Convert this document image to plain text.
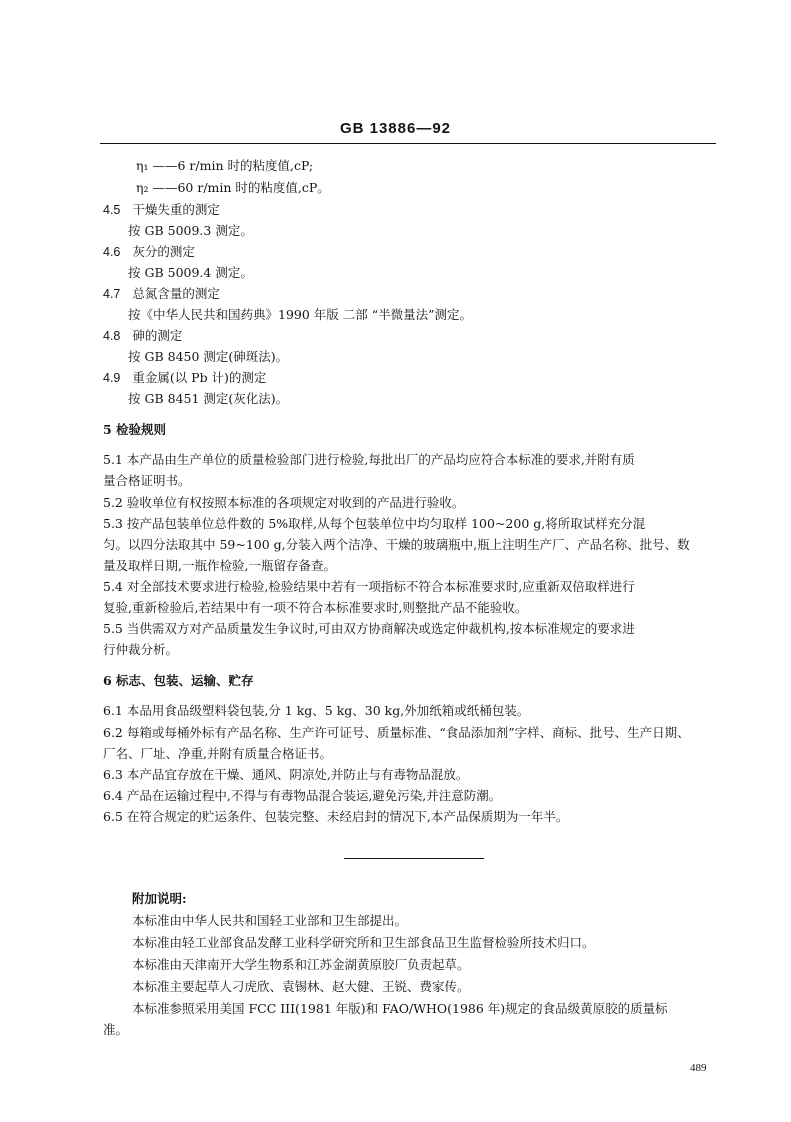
GB 13886—92
η₁ ——6 r/min 时的粘度值,cP;
η₂ ——60 r/min 时的粘度值,cP。
4.5 干燥失重的测定
按 GB 5009.3 测定。
4.6 灰分的测定
按 GB 5009.4 测定。
4.7 总氮含量的测定
按《中华人民共和国药典》1990 年版 二部 “半微量法”测定。
4.8 砷的测定
按 GB 8450 测定(砷斑法)。
4.9 重金属(以 Pb 计)的测定
按 GB 8451 测定(灰化法)。
5 检验规则
5.1 本产品由生产单位的质量检验部门进行检验,每批出厂的产品均应符合本标准的要求,并附有质
量合格证明书。
5.2 验收单位有权按照本标准的各项规定对收到的产品进行验收。
5.3 按产品包装单位总件数的 5%取样,从每个包装单位中均匀取样 100~200 g,将所取试样充分混
匀。以四分法取其中 59~100 g,分装入两个洁净、干燥的玻璃瓶中,瓶上注明生产厂、产品名称、批号、数
量及取样日期,一瓶作检验,一瓶留存备查。
5.4 对全部技术要求进行检验,检验结果中若有一项指标不符合本标准要求时,应重新双倍取样进行
复验,重新检验后,若结果中有一项不符合本标准要求时,则整批产品不能验收。
5.5 当供需双方对产品质量发生争议时,可由双方协商解决或选定仲裁机构,按本标准规定的要求进
行仲裁分析。
6 标志、包装、运输、贮存
6.1 本品用食品级塑料袋包装,分 1 kg、5 kg、30 kg,外加纸箱或纸桶包装。
6.2 每箱或每桶外标有产品名称、生产许可证号、质量标准、“食品添加剂”字样、商标、批号、生产日期、
厂名、厂址、净重,并附有质量合格证书。
6.3 本产品宜存放在干燥、通风、阴凉处,并防止与有毒物品混放。
6.4 产品在运输过程中,不得与有毒物品混合装运,避免污染,并注意防潮。
6.5 在符合规定的贮运条件、包装完整、未经启封的情况下,本产品保质期为一年半。
附加说明:
本标准由中华人民共和国轻工业部和卫生部提出。
本标准由轻工业部食品发酵工业科学研究所和卫生部食品卫生监督检验所技术归口。
本标准由天津南开大学生物系和江苏金湖黄原胶厂负责起草。
本标准主要起草人刁虎欣、袁锡林、赵大健、王锐、费家传。
本标准参照采用美国 FCC III(1981 年版)和 FAO/WHO(1986 年)规定的食品级黄原胶的质量标
准。
489
